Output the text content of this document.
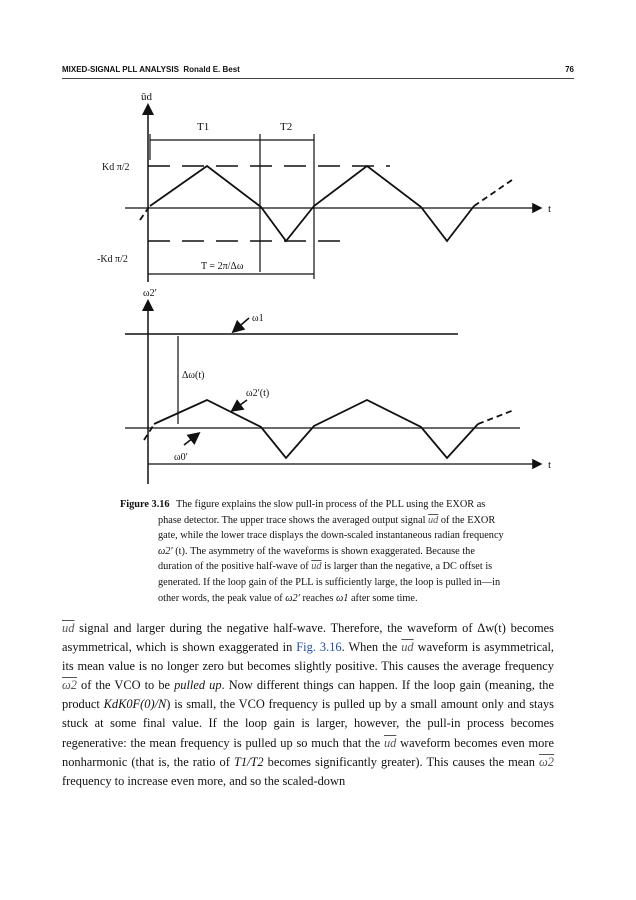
MIXED-SIGNAL PLL ANALYSIS Ronald E. Best	76
ūd
t
T1	T2
T = 2π/Δω
Kd π/2
-Kd π/2
ω2′
t
Δω(t)
ω1
ω2′(t)
ω0′
Figure 3.16 The figure explains the slow pull-in process of the PLL using the EXOR as
phase detector. The upper trace shows the averaged output signal $\overline{ud}$ of the EXOR
gate, while the lower trace displays the down-scaled instantaneous radian frequency
ω2′ (t). The asymmetry of the waveforms is shown exaggerated. Because the
duration of the positive half-wave of $\overline{ud}$ is larger than the negative, a DC offset is
generated. If the loop gain of the PLL is sufficiently large, the loop is pulled in—in
other words, the peak value of ω2′ reaches ω1 after some time.
$\overline{ud}$ signal and larger during the negative half-wave. Therefore, the waveform of Δw(t) becomes asymmetrical, which is shown exaggerated in Fig. 3.16. When the $\overline{ud}$ waveform is asymmetrical, its mean value is no longer zero but becomes slightly positive. This causes the average frequency ω2 of the VCO to be pulled up. Now different things can happen. If the loop gain (meaning, the product KdK0F(0)/N) is small, the VCO frequency is pulled up by a small amount only and stays stuck at some final value. If the loop gain is larger, however, the pull-in process becomes regenerative: the mean frequency is pulled up so much that the $\overline{ud}$ waveform becomes even more nonharmonic (that is, the ratio of T1/T2 becomes significantly greater). This causes the mean ω2 frequency to increase even more, and so the scaled-down
